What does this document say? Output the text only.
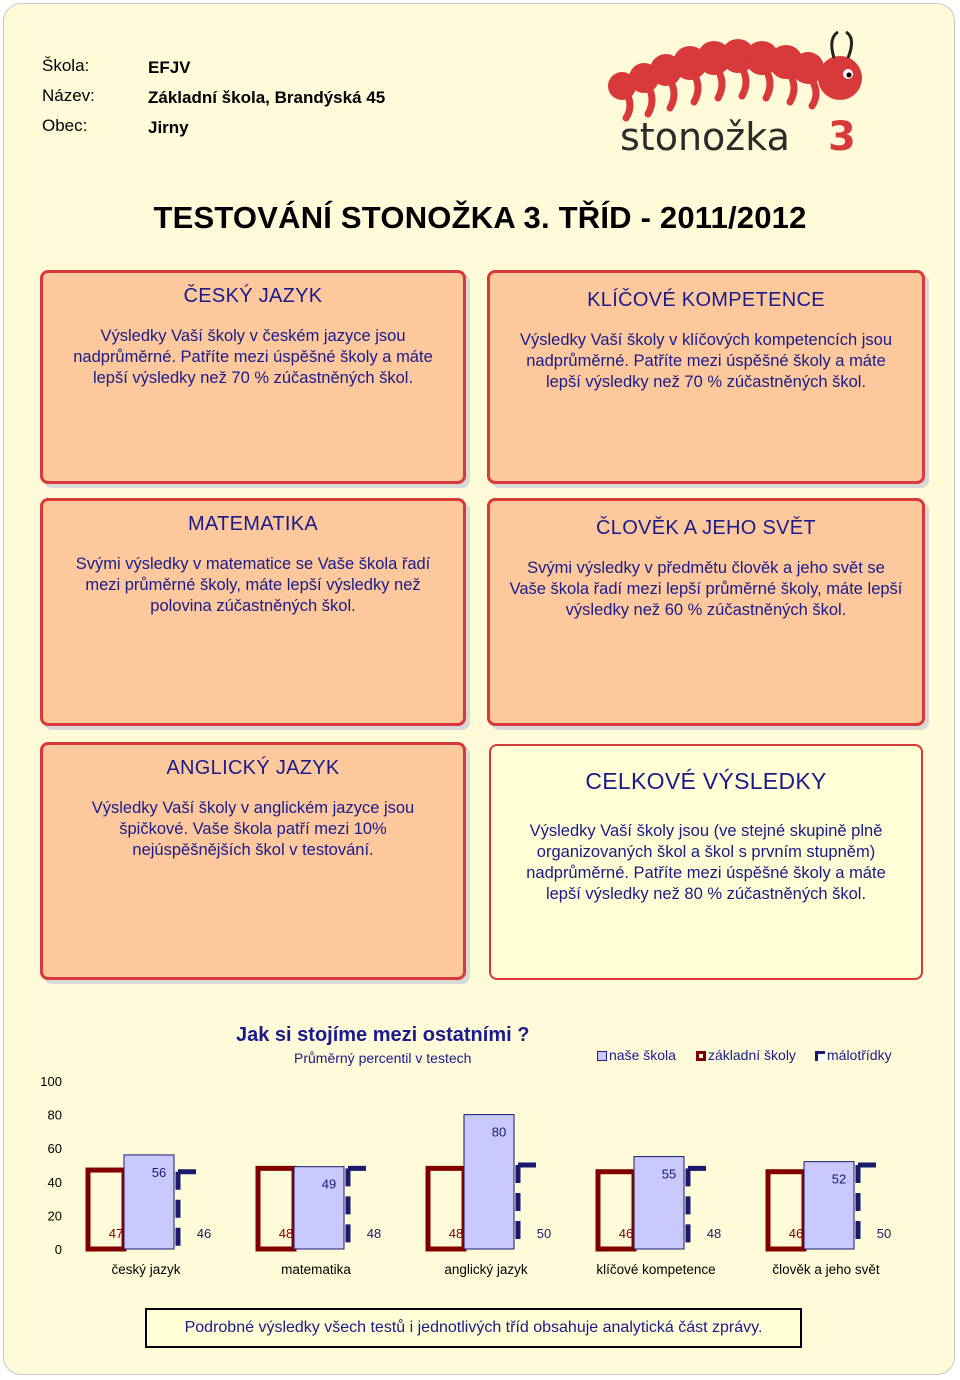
Škola:	EFJV
Název:	Základní škola, Brandýská 45
Obec:	Jirny	stonožka 3
TESTOVÁNÍ STONOŽKA 3. TŘÍD - 2011/2012
ČESKÝ JAZYK
Výsledky Vaší školy v českém jazyce jsou nadprůměrné. Patříte mezi úspěšné školy a máte lepší výsledky než 70 % zúčastněných škol.
KLÍČOVÉ KOMPETENCE
Výsledky Vaší školy v klíčových kompetencích jsou nadprůměrné. Patříte mezi úspěšné školy a máte lepší výsledky než 70 % zúčastněných škol.
MATEMATIKA
Svými výsledky v matematice se Vaše škola řadí mezi průměrné školy, máte lepší výsledky než polovina zúčastněných škol.
ČLOVĚK A JEHO SVĚT
Svými výsledky v předmětu člověk a jeho svět se Vaše škola řadí mezi lepší průměrné školy, máte lepší výsledky než 60 % zúčastněných škol.
ANGLICKÝ JAZYK
Výsledky Vaší školy v anglickém jazyce jsou špičkové. Vaše škola patří mezi 10% nejúspěšnějších škol v testování.
CELKOVÉ VÝSLEDKY
Výsledky Vaší školy jsou (ve stejné skupině plně organizovaných škol a škol s prvním stupněm) nadprůměrné. Patříte mezi úspěšné školy a máte lepší výsledky než 80 % zúčastněných škol.
Jak si stojíme mezi ostatními ?
Průměrný percentil v testech	naše škola	základní školy	málotřídky
0
20
40
60
80
100
47
56
46
český jazyk
48
49
48
matematika
48
80
50
anglický jazyk
46
55
48
klíčové kompetence
46
52
50
člověk a jeho svět
Podrobné výsledky všech testů i jednotlivých tříd obsahuje analytická část zprávy.
